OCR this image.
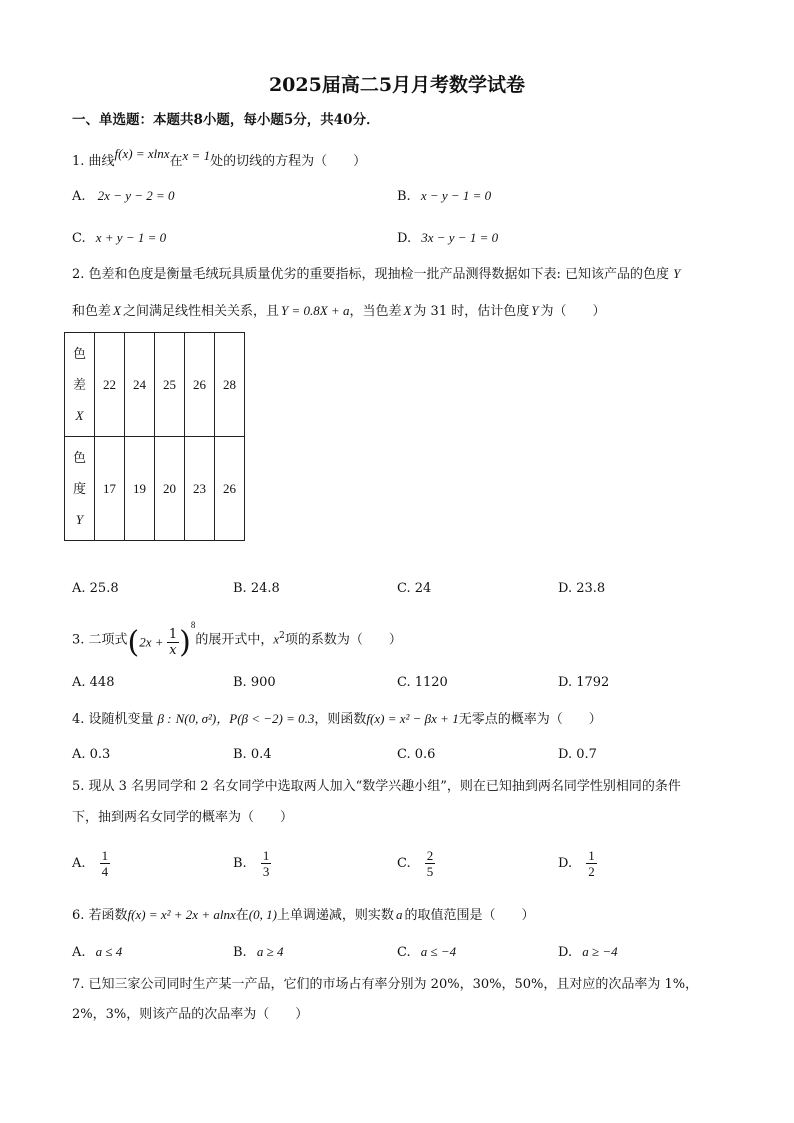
2025届高二5月月考数学试卷
一、单选题：本题共8小题，每小题5分，共40分．
1. 曲线f(x) = xlnx在x = 1处的切线的方程为（　　）
A. 2x − y − 2 = 0	B. x − y − 1 = 0
C. x + y − 1 = 0	D. 3x − y − 1 = 0
2. 色差和色度是衡量毛绒玩具质量优劣的重要指标，现抽检一批产品测得数据如下表: 已知该产品的色度 Y
和色差 X 之间满足线性相关关系，且 Y = 0.8X + a，当色差 X 为 31 时，估计色度 Y 为（　　）
色
差
X	22	24	25	26	28

色
度
Y	17	19	20	23	26
A. 25.8	B. 24.8	C. 24	D. 23.8
3. 二项式$(2x + \frac{1}{x} )^8$的展开式中，$x^2$项的系数为（　　）
A. 448	B. 900	C. 1120	D. 1792
4. 设随机变量 β : N(0, σ²)，P(β < −2) = 0.3，则函数f(x) = x² − βx + 1无零点的概率为（　　）
A. 0.3	B. 0.4	C. 0.6	D. 0.7
5. 现从 3 名男同学和 2 名女同学中选取两人加入“数学兴趣小组”，则在已知抽到两名同学性别相同的条件
下，抽到两名女同学的概率为（　　）
A. $\frac{1}{4}$	B. $\frac{1}{3}$	C. $\frac{2}{5}$	D. $\frac{1}{2}$
6. 若函数f(x) = x² + 2x + alnx在(0, 1)上单调递减，则实数 a 的取值范围是（　　）
A. a ≤ 4	B. a ≥ 4	C. a ≤ −4	D. a ≥ −4
7. 已知三家公司同时生产某一产品，它们的市场占有率分别为 20%，30%，50%，且对应的次品率为 1%，
2%，3%，则该产品的次品率为（　　）
